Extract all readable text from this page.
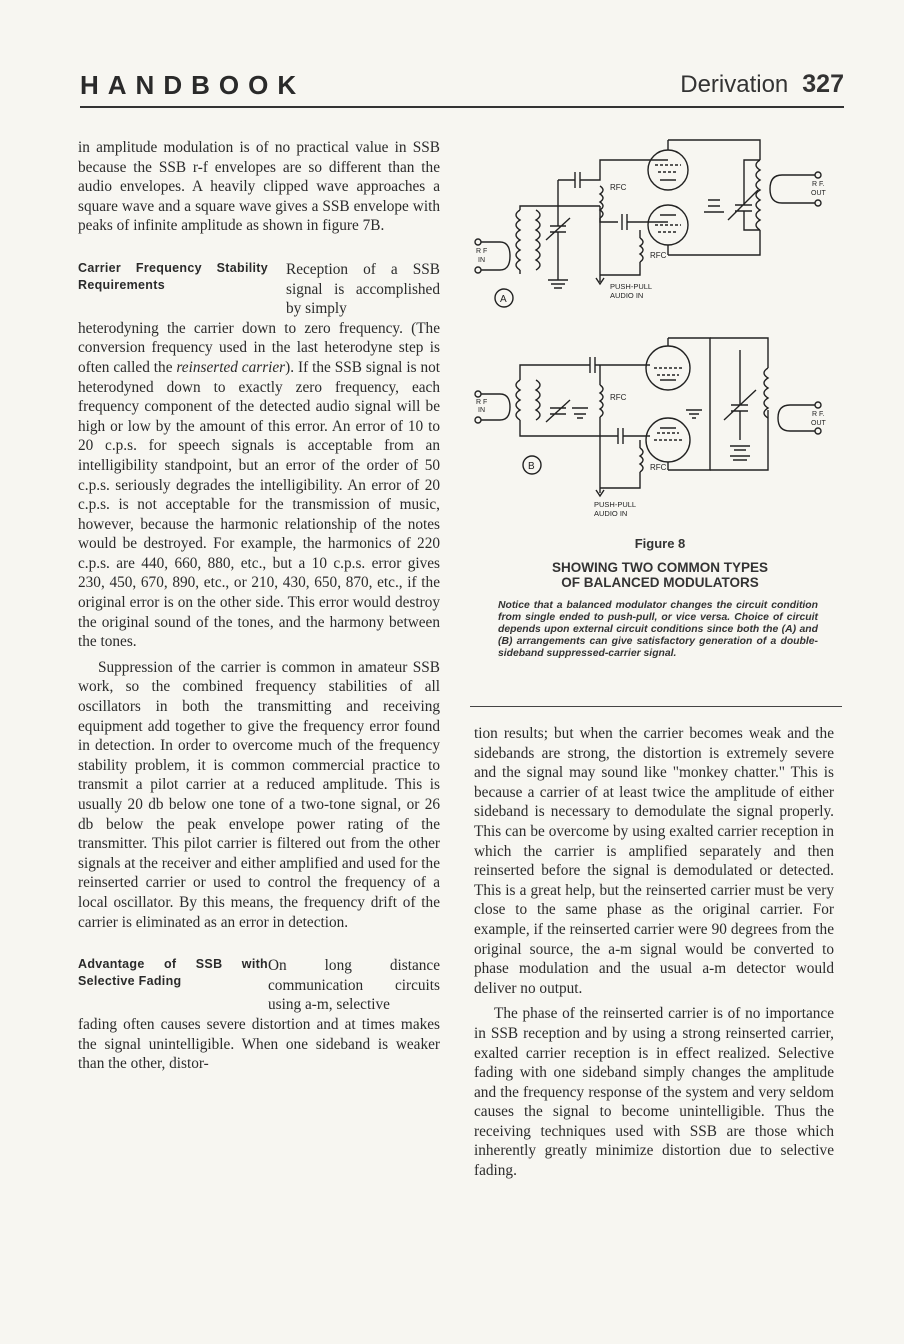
HANDBOOK	Derivation 327

in amplitude modulation is of no practical value in SSB because the SSB r-f envelopes are so different than the audio envelopes. A heavily clipped wave approaches a square wave and a square wave gives a SSB envelope with peaks of infinite amplitude as shown in figure 7B.

Carrier Frequency Stability Requirements

Reception of a SSB signal is accomplished by simply

heterodyning the carrier down to zero frequency. (The conversion frequency used in the last heterodyne step is often called the reinserted carrier). If the SSB signal is not heterodyned down to exactly zero frequency, each frequency component of the detected audio signal will be high or low by the amount of this error. An error of 10 to 20 c.p.s. for speech signals is acceptable from an intelligibility standpoint, but an error of the order of 50 c.p.s. seriously degrades the intelligibility. An error of 20 c.p.s. is not acceptable for the transmission of music, however, because the harmonic relationship of the notes would be destroyed. For example, the harmonics of 220 c.p.s. are 440, 660, 880, etc., but a 10 c.p.s. error gives 230, 450, 670, 890, etc., or 210, 430, 650, 870, etc., if the original error is on the other side. This error would destroy the original sound of the tones, and the harmony between the tones.

Suppression of the carrier is common in amateur SSB work, so the combined frequency stabilities of all oscillators in both the transmitting and receiving equipment add together to give the frequency error found in detection. In order to overcome much of the frequency stability problem, it is common commercial practice to transmit a pilot carrier at a reduced amplitude. This is usually 20 db below one tone of a two-tone signal, or 26 db below the peak envelope power rating of the transmitter. This pilot carrier is filtered out from the other signals at the receiver and either amplified and used for the reinserted carrier or used to control the frequency of a local oscillator. By this means, the frequency drift of the carrier is eliminated as an error in detection.

Advantage of SSB with Selective Fading

On long distance communication circuits using a-m, selective

fading often causes severe distortion and at times makes the signal unintelligible. When one sideband is weaker than the other, distor-

RFC
RFC
R F
IN
R F.
OUT
PUSH-PULL
AUDIO IN
A
RFC
RFC
R F
IN
R F.
OUT
PUSH-PULL
AUDIO IN
B
Figure 8
SHOWING TWO COMMON TYPES
OF BALANCED MODULATORS
Notice that a balanced modulator changes the circuit condition from single ended to push-pull, or vice versa. Choice of circuit depends upon external circuit conditions since both the (A) and (B) arrangements can give satisfactory generation of a double-sideband suppressed-carrier signal.

tion results; but when the carrier becomes weak and the sidebands are strong, the distortion is extremely severe and the signal may sound like "monkey chatter." This is because a carrier of at least twice the amplitude of either sideband is necessary to demodulate the signal properly. This can be overcome by using exalted carrier reception in which the carrier is amplified separately and then reinserted before the signal is demodulated or detected. This is a great help, but the reinserted carrier must be very close to the same phase as the original carrier. For example, if the reinserted carrier were 90 degrees from the original source, the a-m signal would be converted to phase modulation and the usual a-m detector would deliver no output.

The phase of the reinserted carrier is of no importance in SSB reception and by using a strong reinserted carrier, exalted carrier reception is in effect realized. Selective fading with one sideband simply changes the amplitude and the frequency response of the system and very seldom causes the signal to become unintelligible. Thus the receiving techniques used with SSB are those which inherently greatly minimize distortion due to selective fading.
